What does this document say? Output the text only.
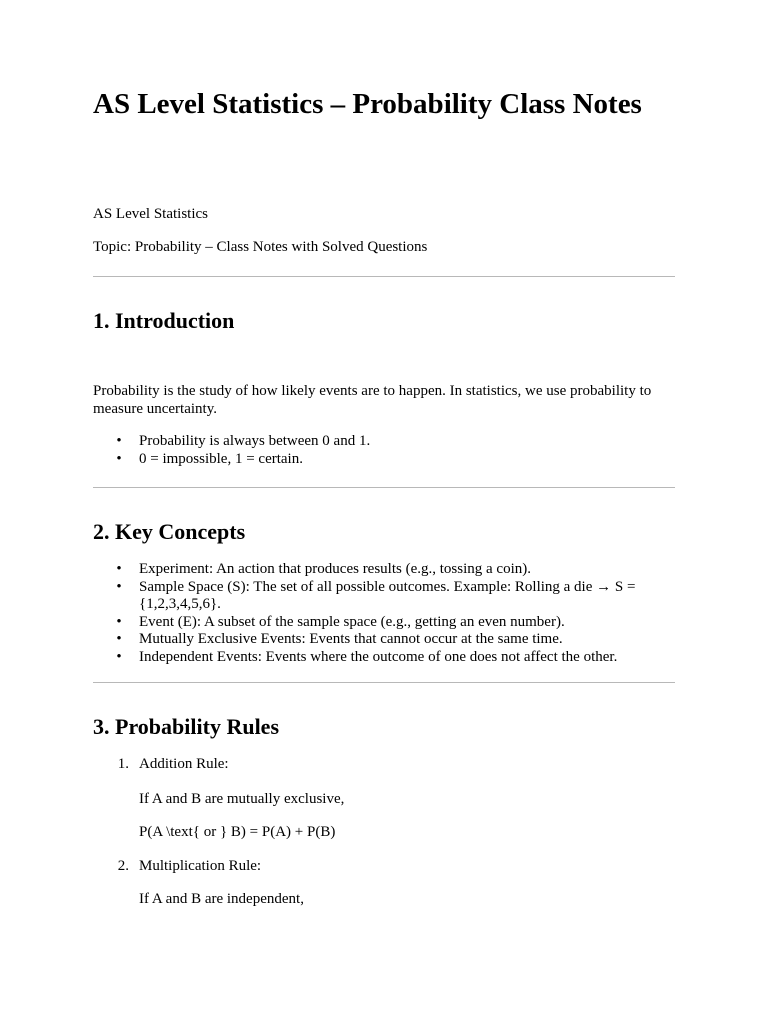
AS Level Statistics – Probability Class Notes

AS Level Statistics

Topic: Probability – Class Notes with Solved Questions

1. Introduction

Probability is the study of how likely events are to happen. In statistics, we use probability to measure uncertainty.

• Probability is always between 0 and 1.
• 0 = impossible, 1 = certain.
2. Key Concepts
• Experiment: An action that produces results (e.g., tossing a coin).
• Sample Space (S): The set of all possible outcomes. Example: Rolling a die → S = {1,2,3,4,5,6}.
• Event (E): A subset of the sample space (e.g., getting an even number).
• Mutually Exclusive Events: Events that cannot occur at the same time.
• Independent Events: Events where the outcome of one does not affect the other.
3. Probability Rules
1. Addition Rule:

If A and B are mutually exclusive,

P(A \text{ or } B) = P(A) + P(B)

2. Multiplication Rule:

If A and B are independent,
